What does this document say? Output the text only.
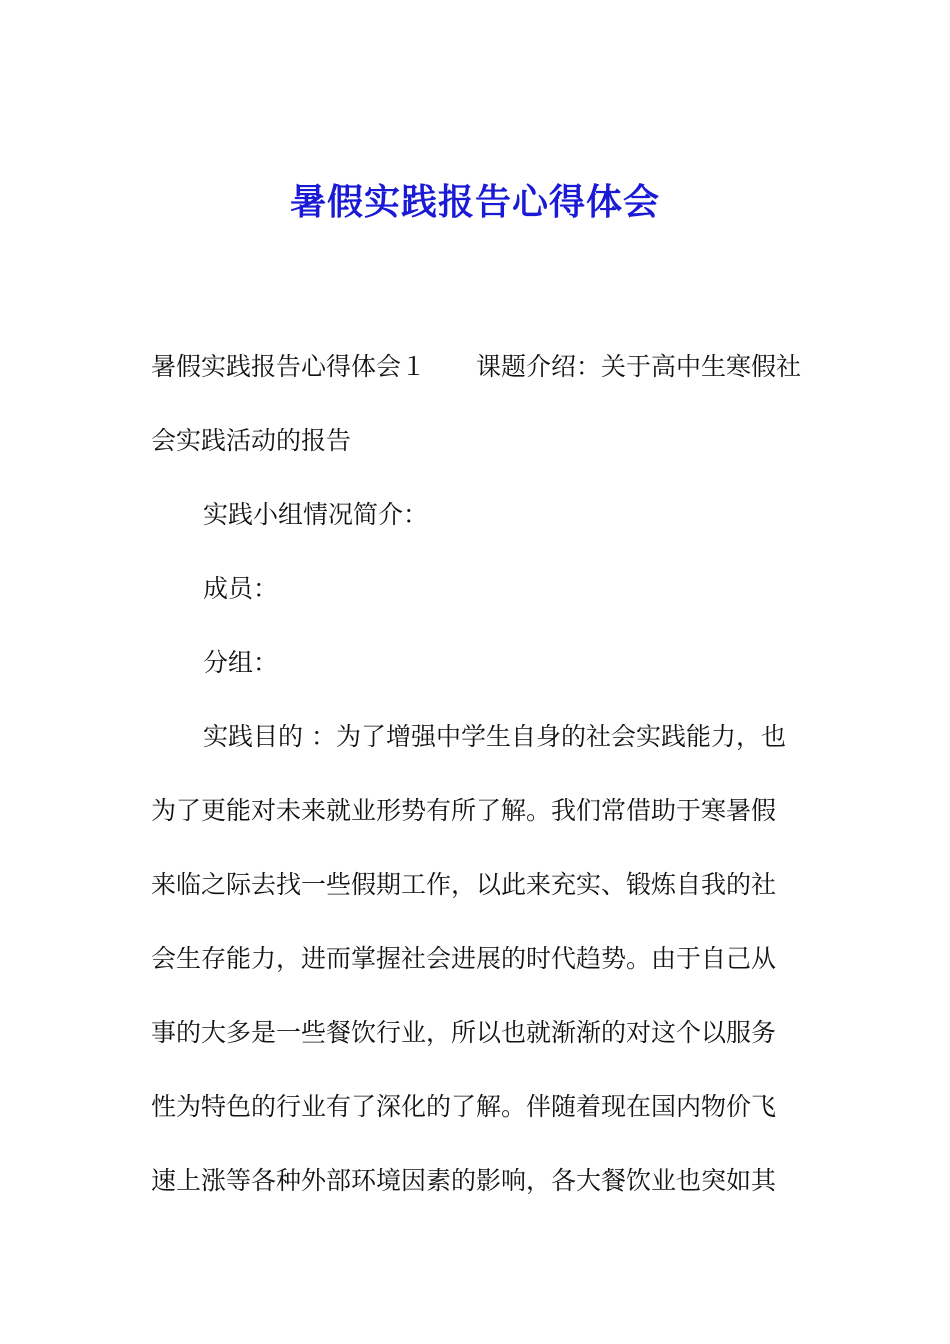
暑假实践报告心得体会
暑假实践报告心得体会１ 课题介绍：关于高中生寒假社
会实践活动的报告
实践小组情况简介：
成员：
分组：
实践目的 ：为了增强中学生自身的社会实践能力，也
为了更能对未来就业形势有所了解。我们常借助于寒暑假
来临之际去找一些假期工作，以此来充实、锻炼自我的社
会生存能力，进而掌握社会进展的时代趋势。由于自己从
事的大多是一些餐饮行业，所以也就渐渐的对这个以服务
性为特色的行业有了深化的了解。伴随着现在国内物价飞
速上涨等各种外部环境因素的影响，各大餐饮业也突如其
